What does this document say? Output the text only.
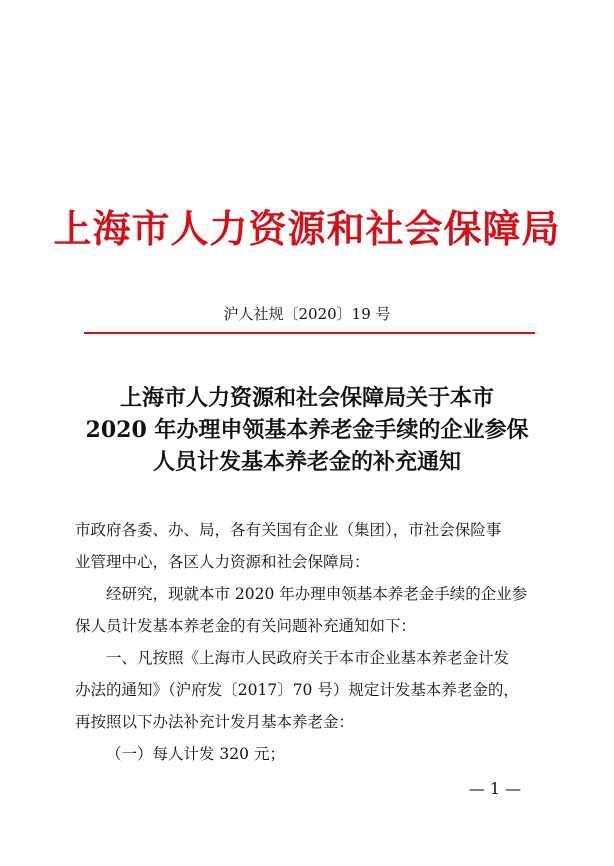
上海市人力资源和社会保障局
沪人社规〔2020〕19 号
上海市人力资源和社会保障局关于本市
2020 年办理申领基本养老金手续的企业参保
人员计发基本养老金的补充通知

市政府各委、办、局，各有关国有企业（集团），市社会保险事

业管理中心，各区人力资源和社会保障局：

经研究，现就本市 2020 年办理申领基本养老金手续的企业参

保人员计发基本养老金的有关问题补充通知如下：

一、凡按照《上海市人民政府关于本市企业基本养老金计发

办法的通知》（沪府发〔2017〕70 号）规定计发基本养老金的，

再按照以下办法补充计发月基本养老金：

（一）每人计发 320 元；

— 1 —
